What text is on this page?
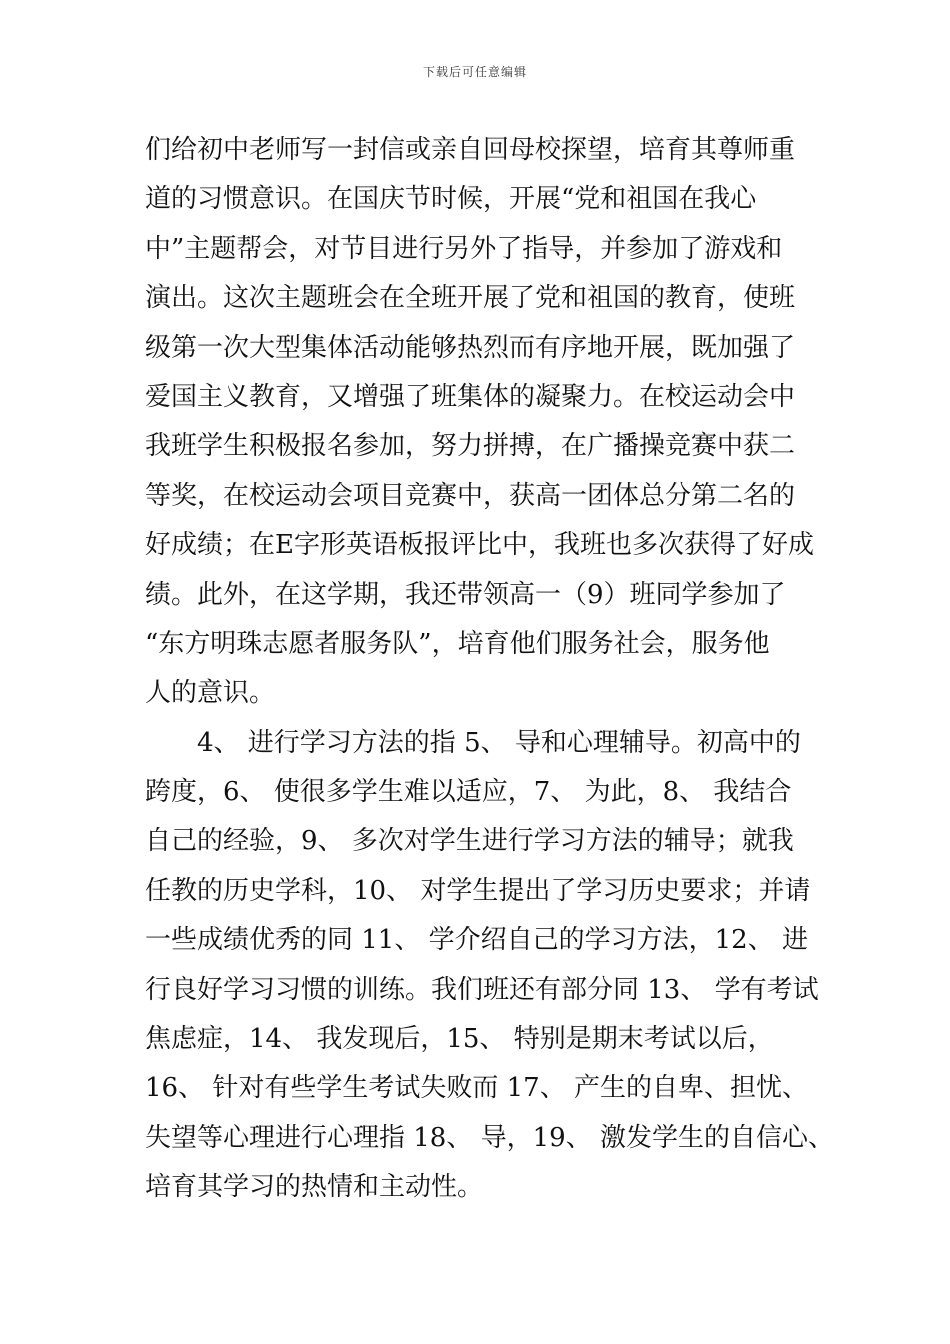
下载后可任意编辑
们给初中老师写一封信或亲自回母校探望，培育其尊师重
道的习惯意识。在国庆节时候，开展“党和祖国在我心
中”主题帮会，对节目进行另外了指导，并参加了游戏和
演出。这次主题班会在全班开展了党和祖国的教育，使班
级第一次大型集体活动能够热烈而有序地开展，既加强了
爱国主义教育，又增强了班集体的凝聚力。在校运动会中
我班学生积极报名参加，努力拼搏，在广播操竞赛中获二
等奖，在校运动会项目竞赛中，获高一团体总分第二名的
好成绩；在E字形英语板报评比中，我班也多次获得了好成
绩。此外，在这学期，我还带领高一（9）班同学参加了
“东方明珠志愿者服务队”，培育他们服务社会，服务他
人的意识。
4、 进行学习方法的指 5、 导和心理辅导。初高中的
跨度，6、 使很多学生难以适应，7、 为此，8、 我结合
自己的经验，9、 多次对学生进行学习方法的辅导；就我
任教的历史学科，10、 对学生提出了学习历史要求；并请
一些成绩优秀的同 11、 学介绍自己的学习方法，12、 进
行良好学习习惯的训练。我们班还有部分同 13、 学有考试
焦虑症，14、 我发现后，15、 特别是期末考试以后，
16、 针对有些学生考试失败而 17、 产生的自卑、担忧、
失望等心理进行心理指 18、 导，19、 激发学生的自信心、
培育其学习的热情和主动性。
